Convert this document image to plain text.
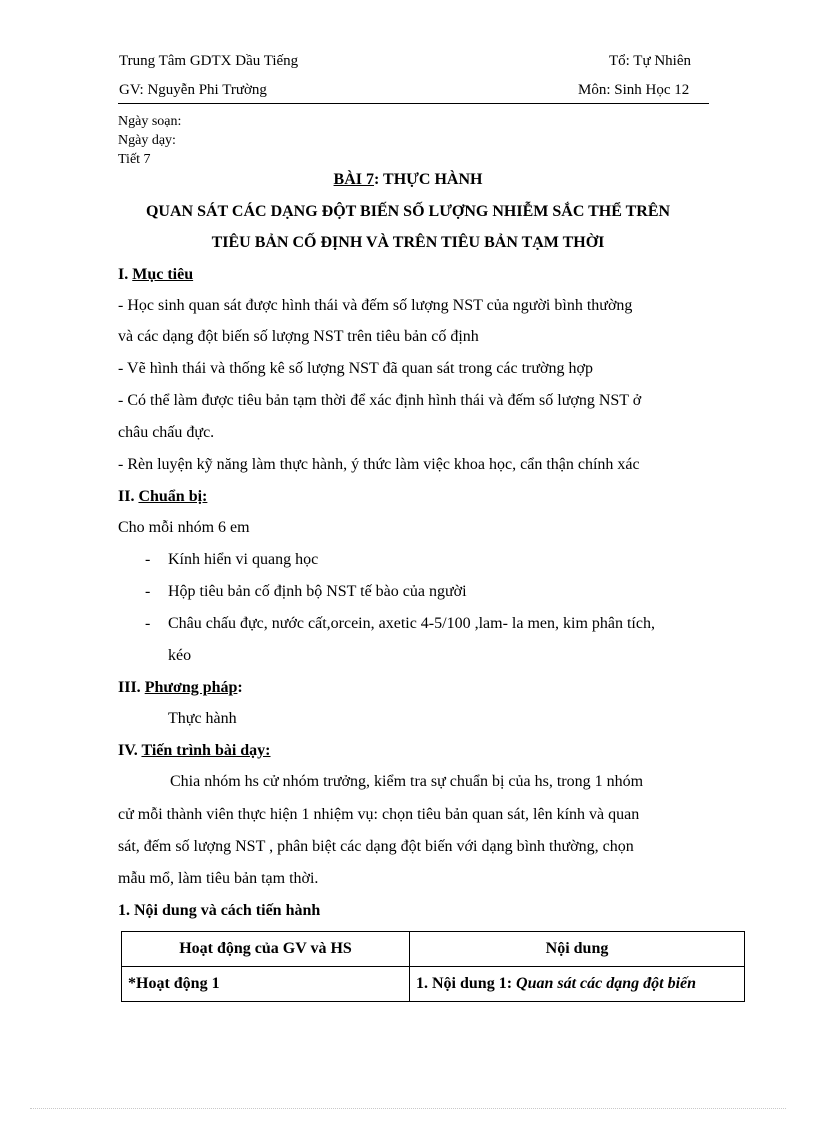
Trung Tâm GDTX Dầu Tiếng	Tổ: Tự Nhiên
GV: Nguyễn Phi Trường	Môn: Sinh Học 12
Ngày soạn:
Ngày dạy:
Tiết 7
BÀI 7: THỰC HÀNH
QUAN SÁT CÁC DẠNG ĐỘT BIẾN SỐ LƯỢNG NHIỄM SẮC THỂ TRÊN
TIÊU BẢN CỐ ĐỊNH VÀ TRÊN TIÊU BẢN TẠM THỜI
I. Mục tiêu
- Học sinh quan sát được hình thái và đếm số lượng NST của người bình thường
và các dạng đột biến số lượng NST trên tiêu bản cố định
- Vẽ hình thái và thống kê số lượng NST đã quan sát trong các trường hợp
- Có thể làm được tiêu bản tạm thời để xác định hình thái và đếm số lượng NST ở
châu chấu đực.
- Rèn luyện kỹ năng làm thực hành, ý thức làm việc khoa học, cẩn thận chính xác
II. Chuẩn bị:
Cho mỗi nhóm 6 em
- Kính hiển vi quang học
- Hộp tiêu bản cố định bộ NST tế bào của người
- Châu chấu đực, nước cất,orcein, axetic 4-5/100 ,lam- la men, kim phân tích,
kéo
III. Phương pháp:
Thực hành
IV. Tiến trình bài dạy:
Chia nhóm hs cử nhóm trưởng, kiểm tra sự chuẩn bị của hs, trong 1 nhóm
cử mỗi thành viên thực hiện 1 nhiệm vụ: chọn tiêu bản quan sát, lên kính và quan
sát, đếm số lượng NST , phân biệt các dạng đột biến với dạng bình thường, chọn
mẫu mổ, làm tiêu bản tạm thời.
1. Nội dung và cách tiến hành
Hoạt động của GV và HS	Nội dung
*Hoạt động 1	1. Nội dung 1: Quan sát các dạng đột biến
